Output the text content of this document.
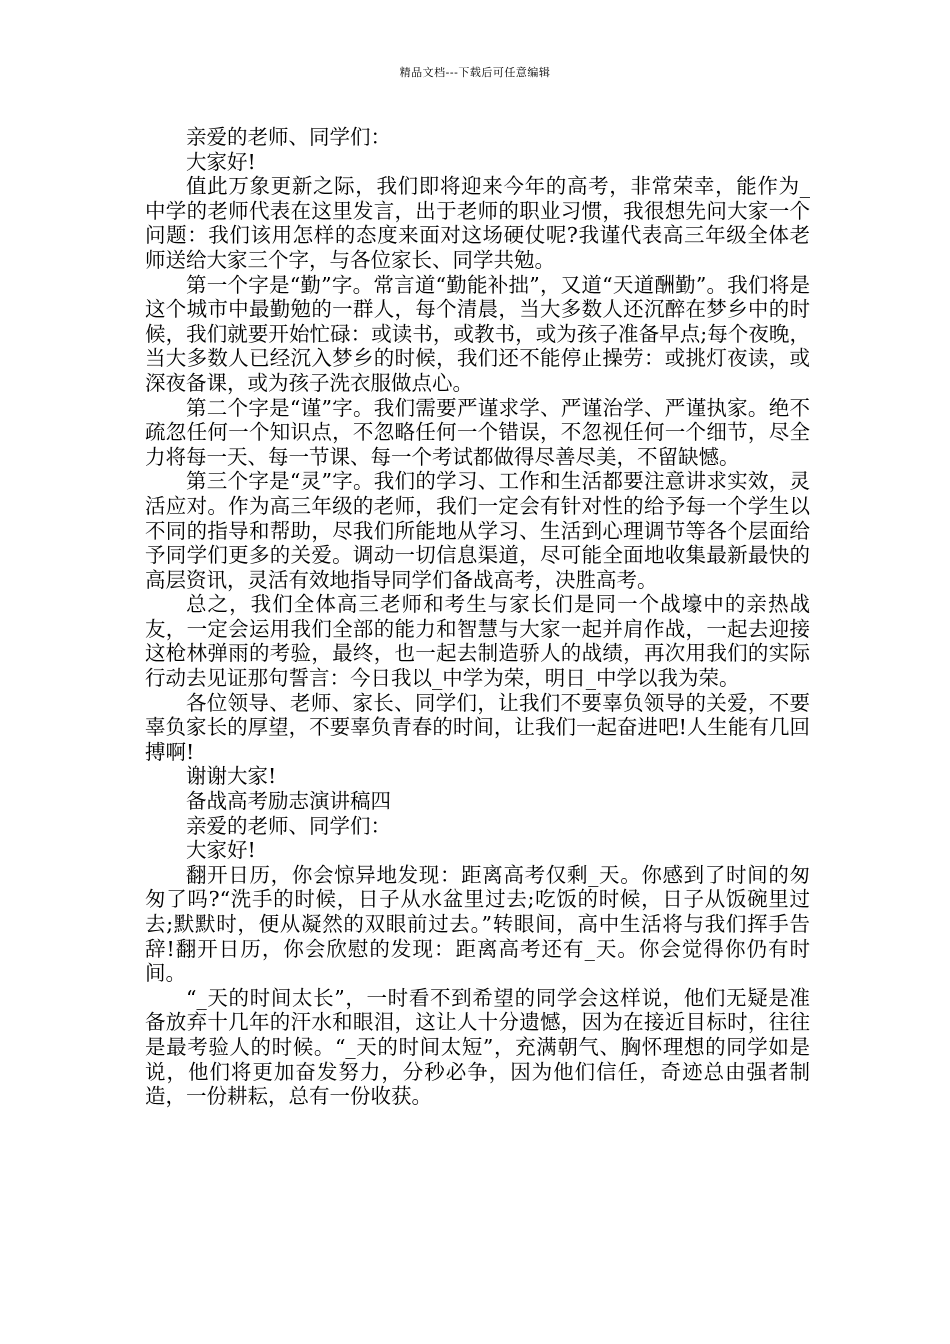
精品文档---下载后可任意编辑

亲爱的老师、同学们：

大家好!

值此万象更新之际，我们即将迎来今年的高考，非常荣幸，能作为_中学的老师代表在这里发言，出于老师的职业习惯，我很想先问大家一个问题：我们该用怎样的态度来面对这场硬仗呢?我谨代表高三年级全体老师送给大家三个字，与各位家长、同学共勉。

第一个字是“勤”字。常言道“勤能补拙”，又道“天道酬勤”。我们将是这个城市中最勤勉的一群人，每个清晨，当大多数人还沉醉在梦乡中的时候，我们就要开始忙碌：或读书，或教书，或为孩子准备早点;每个夜晚，当大多数人已经沉入梦乡的时候，我们还不能停止操劳：或挑灯夜读，或深夜备课，或为孩子洗衣服做点心。

第二个字是“谨”字。我们需要严谨求学、严谨治学、严谨执家。绝不疏忽任何一个知识点，不忽略任何一个错误，不忽视任何一个细节，尽全力将每一天、每一节课、每一个考试都做得尽善尽美，不留缺憾。

第三个字是“灵”字。我们的学习、工作和生活都要注意讲求实效，灵活应对。作为高三年级的老师，我们一定会有针对性的给予每一个学生以不同的指导和帮助，尽我们所能地从学习、生活到心理调节等各个层面给予同学们更多的关爱。调动一切信息渠道，尽可能全面地收集最新最快的高层资讯，灵活有效地指导同学们备战高考，决胜高考。

总之，我们全体高三老师和考生与家长们是同一个战壕中的亲热战友，一定会运用我们全部的能力和智慧与大家一起并肩作战，一起去迎接这枪林弹雨的考验，最终，也一起去制造骄人的战绩，再次用我们的实际行动去见证那句誓言：今日我以_中学为荣，明日_中学以我为荣。

各位领导、老师、家长、同学们，让我们不要辜负领导的关爱，不要辜负家长的厚望，不要辜负青春的时间，让我们一起奋进吧!人生能有几回搏啊!

谢谢大家!

备战高考励志演讲稿四

亲爱的老师、同学们：

大家好!

翻开日历，你会惊异地发现：距离高考仅剩_天。你感到了时间的匆匆了吗?“洗手的时候，日子从水盆里过去;吃饭的时候，日子从饭碗里过去;默默时，便从凝然的双眼前过去。”转眼间，高中生活将与我们挥手告辞!翻开日历，你会欣慰的发现：距离高考还有_天。你会觉得你仍有时间。

“_天的时间太长”，一时看不到希望的同学会这样说，他们无疑是准备放弃十几年的汗水和眼泪，这让人十分遗憾，因为在接近目标时，往往是最考验人的时候。“_天的时间太短”，充满朝气、胸怀理想的同学如是说，他们将更加奋发努力，分秒必争，因为他们信任，奇迹总由强者制造，一份耕耘，总有一份收获。
